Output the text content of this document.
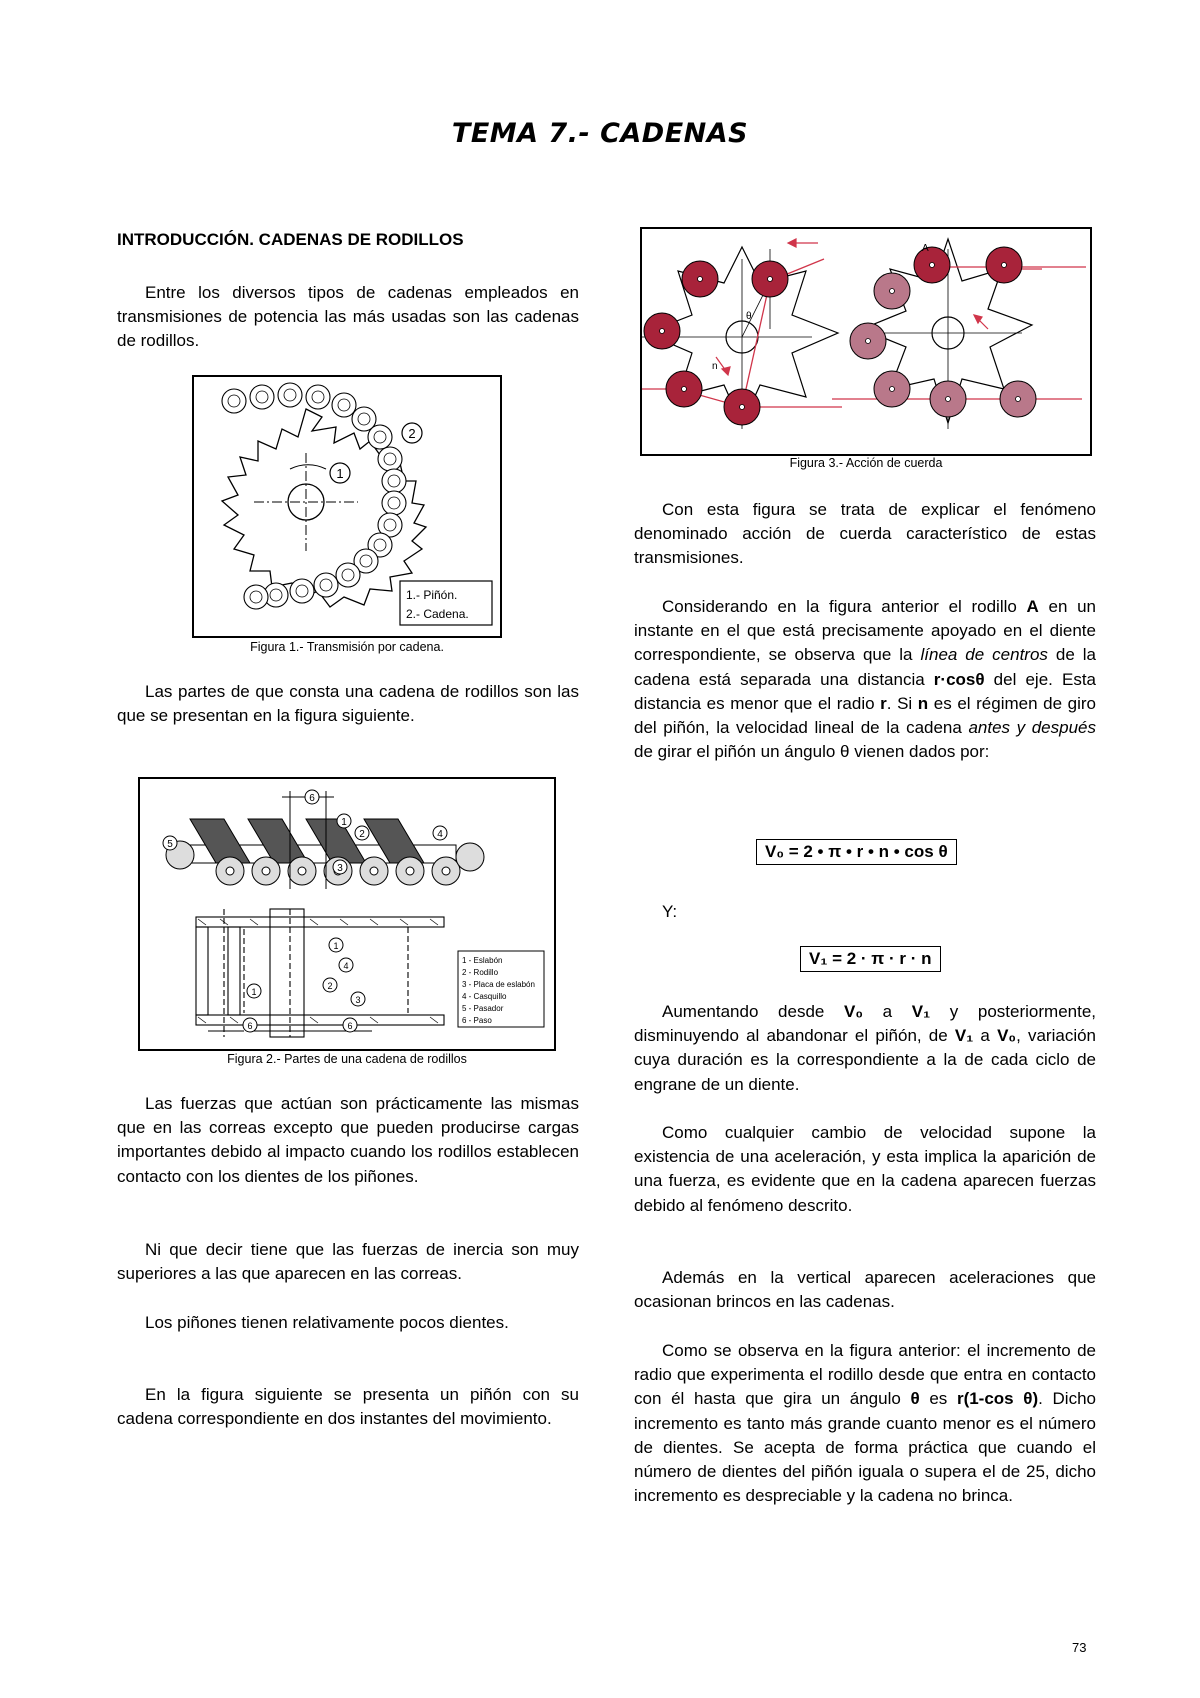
TEMA 7.- CADENAS
INTRODUCCIÓN. CADENAS DE RODILLOS

Entre los diversos tipos de cadenas empleados en transmisiones de potencia las más usadas son las cadenas de rodillos.

1
2
1.- Piñón.
2.- Cadena.
Figura 1.- Transmisión por cadena.

Las partes de que consta una cadena de rodillos son las que se presentan en la figura siguiente.

6
1
2
3
4
5
1
4
2
3
1
6	6
1 - Eslabón
2 - Rodillo
3 - Placa de eslabón
4 - Casquillo
5 - Pasador
6 - Paso
Figura 2.- Partes de una cadena de rodillos

Las fuerzas que actúan son prácticamente las mismas que en las correas excepto que pueden producirse cargas importantes debido al impacto cuando los rodillos establecen contacto con los dientes de los piñones.

Ni que decir tiene que las fuerzas de inercia son muy superiores a las que aparecen en las correas.

Los piñones tienen relativamente pocos dientes.

En la figura siguiente se presenta un piñón con su cadena correspondiente en dos instantes del movimiento.

A
θ
n
Figura 3.- Acción de cuerda

Con esta figura se trata de explicar el fenómeno denominado acción de cuerda característico de estas transmisiones.

Considerando en la figura anterior el rodillo A en un instante en el que está precisamente apoyado en el diente correspondiente, se observa que la línea de centros de la cadena está separada una distancia r·cosθ del eje. Esta distancia es menor que el radio r. Si n es el régimen de giro del piñón, la velocidad lineal de la cadena antes y después de girar el piñón un ángulo θ vienen dados por:

V₀ = 2 • π • r • n • cos θ
Y:
V₁ = 2 · π · r · n

Aumentando desde V₀ a V₁ y posteriormente, disminuyendo al abandonar el piñón, de V₁ a V₀, variación cuya duración es la correspondiente a la de cada ciclo de engrane de un diente.

Como cualquier cambio de velocidad supone la existencia de una aceleración, y esta implica la aparición de una fuerza, es evidente que en la cadena aparecen fuerzas debido al fenómeno descrito.

Además en la vertical aparecen aceleraciones que ocasionan brincos en las cadenas.

Como se observa en la figura anterior: el incremento de radio que experimenta el rodillo desde que entra en contacto con él hasta que gira un ángulo θ es r(1-cos θ). Dicho incremento es tanto más grande cuanto menor es el número de dientes. Se acepta de forma práctica que cuando el número de dientes del piñón iguala o supera el de 25, dicho incremento es despreciable y la cadena no brinca.

73
